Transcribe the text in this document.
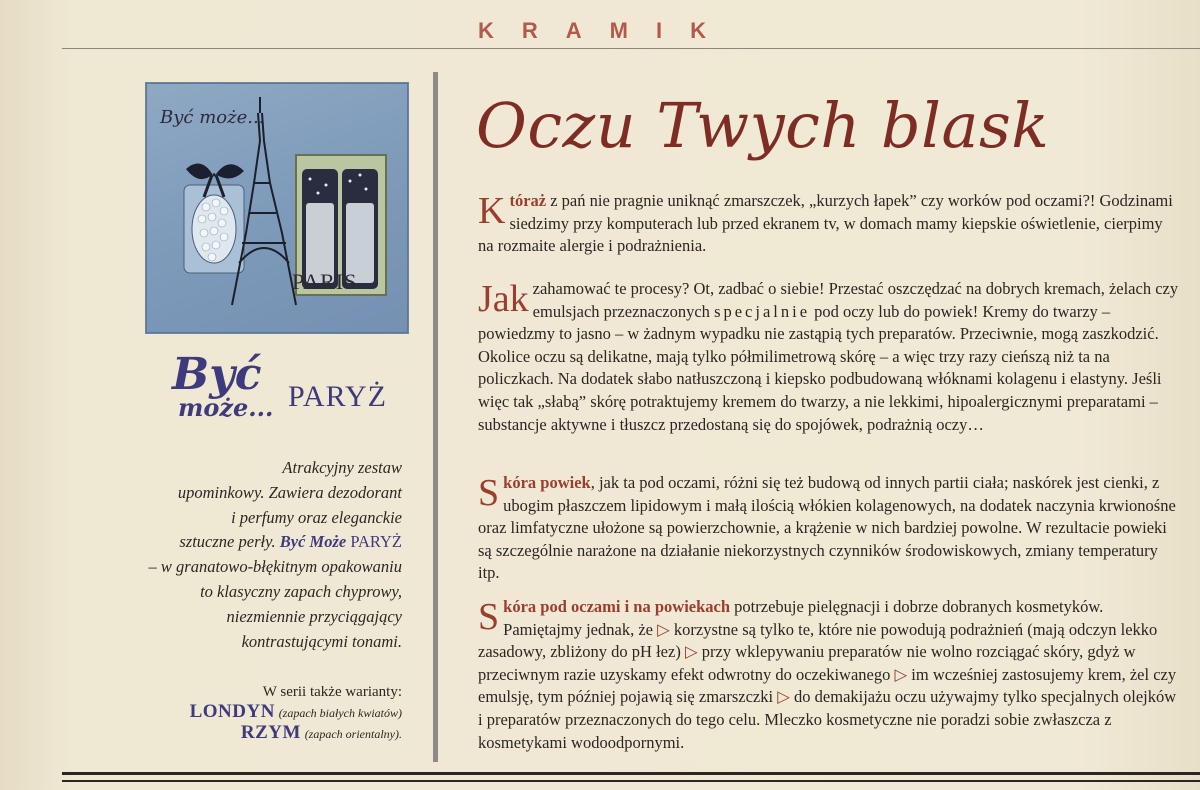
KRAMIK
Być może...
PARIS
Być
może... PARYŻ
Atrakcyjny zestaw
upominkowy. Zawiera dezodorant
i perfumy oraz eleganckie
sztuczne perły. Być Może PARYŻ
– w granatowo-błękitnym opakowaniu
to klasyczny zapach chyprowy,
niezmiennie przyciągający
kontrastującymi tonami.
W serii także warianty:
LONDYN (zapach białych kwiatów)
RZYM (zapach orientalny).
Oczu Twych blask
Któraż z pań nie pragnie uniknąć zmarszczek, „kurzych łapek” czy worków pod oczami?! Godzinami siedzimy przy komputerach lub przed ekranem tv, w domach mamy kiepskie oświetlenie, cierpimy na rozmaite alergie i podrażnienia.
Jak zahamować te procesy? Ot, zadbać o siebie! Przestać oszczędzać na dobrych kremach, żelach czy emulsjach przeznaczonych specjalnie pod oczy lub do powiek! Kremy do twarzy – powiedzmy to jasno – w żadnym wypadku nie zastąpią tych preparatów. Przeciwnie, mogą zaszkodzić. Okolice oczu są delikatne, mają tylko półmilimetrową skórę – a więc trzy razy cieńszą niż ta na policzkach. Na dodatek słabo natłuszczoną i kiepsko podbudowaną włóknami kolagenu i elastyny. Jeśli więc tak „słabą” skórę potraktujemy kremem do twarzy, a nie lekkimi, hipoalergicznymi preparatami – substancje aktywne i tłuszcz przedostaną się do spojówek, podrażnią oczy…
Skóra powiek, jak ta pod oczami, różni się też budową od innych partii ciała; naskórek jest cienki, z ubogim płaszczem lipidowym i małą ilością włókien kolagenowych, na dodatek naczynia krwionośne oraz limfatyczne ułożone są powierzchownie, a krążenie w nich bardziej powolne. W rezultacie powieki są szczególnie narażone na działanie niekorzystnych czynników środowiskowych, zmiany temperatury itp.
Skóra pod oczami i na powiekach potrzebuje pielęgnacji i dobrze dobranych kosmetyków. Pamiętajmy jednak, że ▷ korzystne są tylko te, które nie powodują podrażnień (mają odczyn lekko zasadowy, zbliżony do pH łez) ▷ przy wklepywaniu preparatów nie wolno rozciągać skóry, gdyż w przeciwnym razie uzyskamy efekt odwrotny do oczekiwanego ▷ im wcześniej zastosujemy krem, żel czy emulsję, tym później pojawią się zmarszczki ▷ do demakijażu oczu używajmy tylko specjalnych olejków i preparatów przeznaczonych do tego celu. Mleczko kosmetyczne nie poradzi sobie zwłaszcza z kosmetykami wodoodpornymi.
